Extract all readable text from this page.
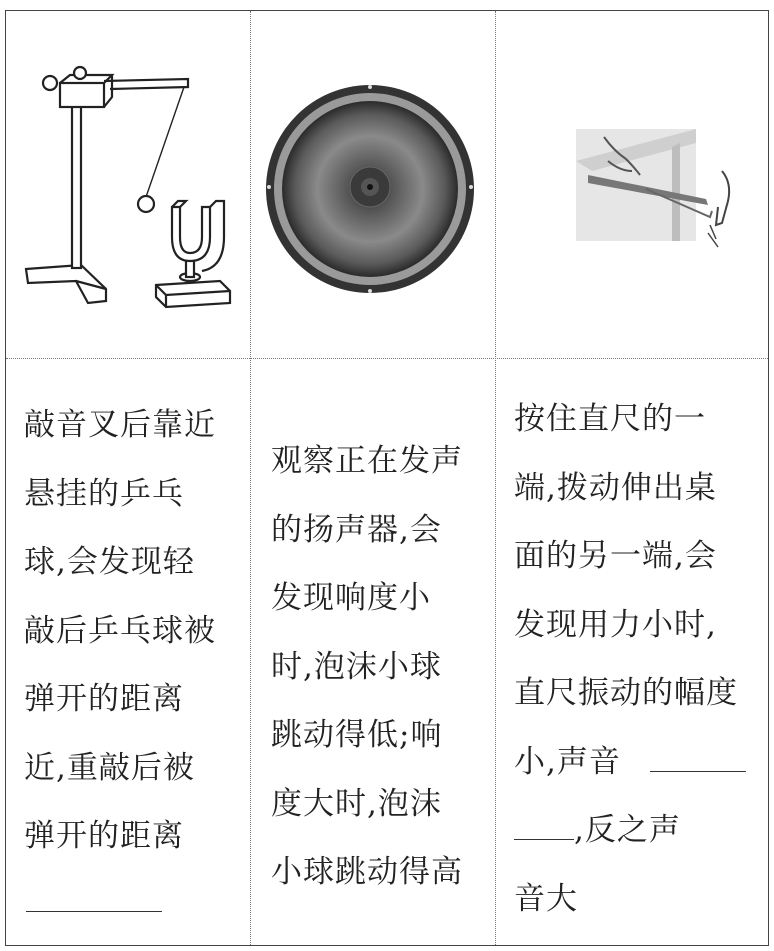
敲音叉后靠近
悬挂的乒乓
球,会发现轻
敲后乒乓球被
弹开的距离
近,重敲后被
弹开的距离
观察正在发声
的扬声器,会
发现响度小
时,泡沫小球
跳动得低;响
度大时,泡沫
小球跳动得高
按住直尺的一
端,拨动伸出桌
面的另一端,会
发现用力小时,
直尺振动的幅度
小,声音
,反之声
音大
